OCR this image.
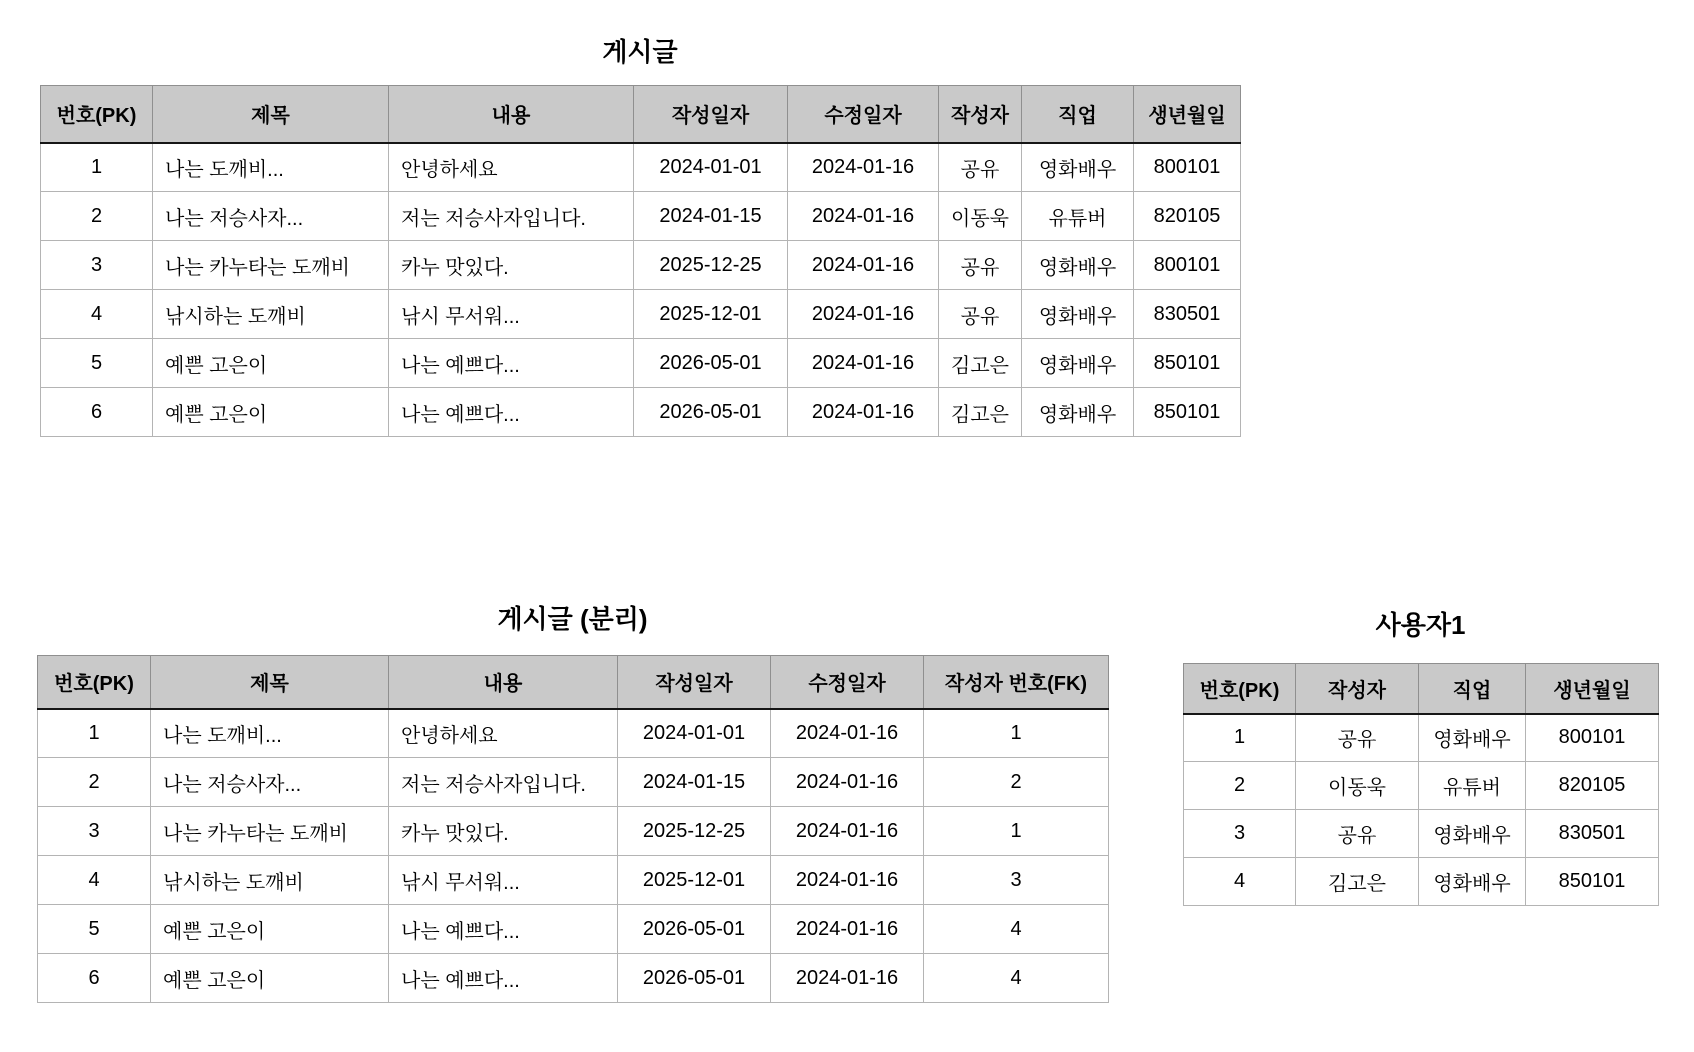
게시글
번호(PK)	제목	내용	작성일자	수정일자	작성자	직업	생년월일
1	나는 도깨비...	안녕하세요	2024-01-01	2024-01-16	공유	영화배우	800101
2	나는 저승사자...	저는 저승사자입니다.	2024-01-15	2024-01-16	이동욱	유튜버	820105
3	나는 카누타는 도깨비	카누 맛있다.	2025-12-25	2024-01-16	공유	영화배우	800101
4	낚시하는 도깨비	낚시 무서워...	2025-12-01	2024-01-16	공유	영화배우	830501
5	예쁜 고은이	나는 예쁘다...	2026-05-01	2024-01-16	김고은	영화배우	850101
6	예쁜 고은이	나는 예쁘다...	2026-05-01	2024-01-16	김고은	영화배우	850101
게시글 (분리)
번호(PK)	제목	내용	작성일자	수정일자	작성자 번호(FK)
1	나는 도깨비...	안녕하세요	2024-01-01	2024-01-16	1
2	나는 저승사자...	저는 저승사자입니다.	2024-01-15	2024-01-16	2
3	나는 카누타는 도깨비	카누 맛있다.	2025-12-25	2024-01-16	1
4	낚시하는 도깨비	낚시 무서워...	2025-12-01	2024-01-16	3
5	예쁜 고은이	나는 예쁘다...	2026-05-01	2024-01-16	4
6	예쁜 고은이	나는 예쁘다...	2026-05-01	2024-01-16	4
사용자1
번호(PK)	작성자	직업	생년월일
1	공유	영화배우	800101
2	이동욱	유튜버	820105
3	공유	영화배우	830501
4	김고은	영화배우	850101
